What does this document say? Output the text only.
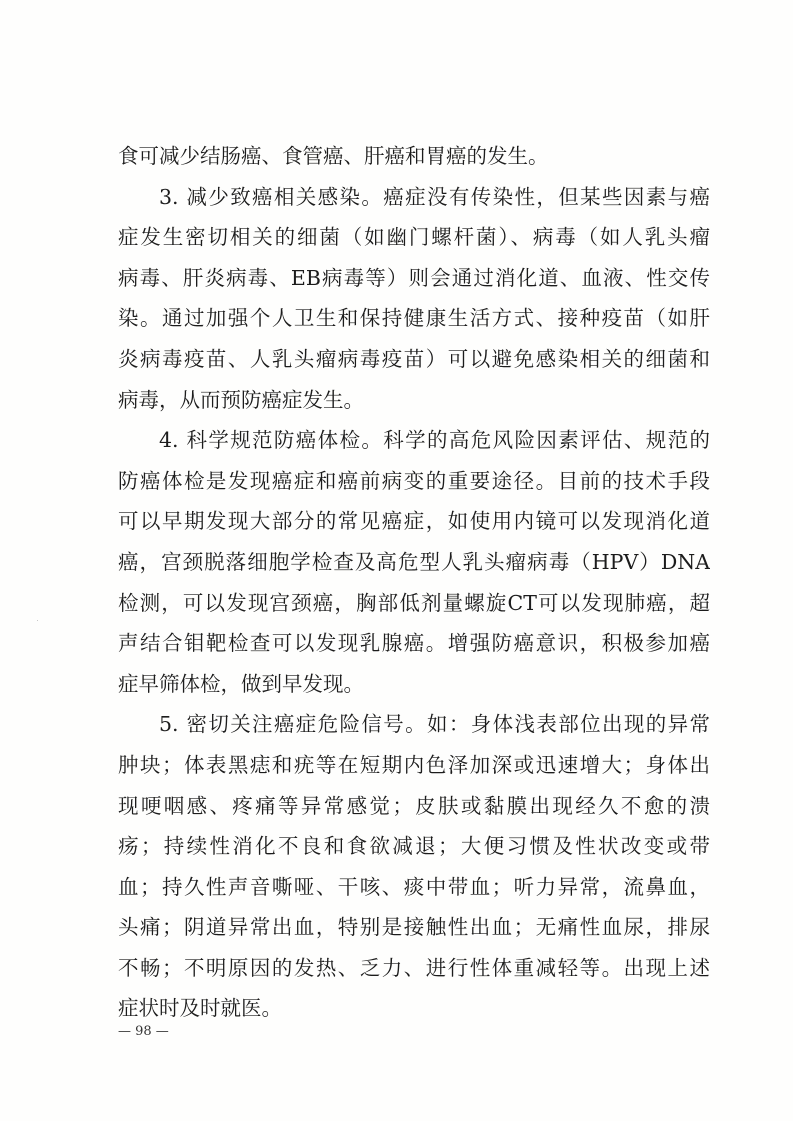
食可减少结肠癌、食管癌、肝癌和胃癌的发生。
3. 减少致癌相关感染。癌症没有传染性，但某些因素与癌
症发生密切相关的细菌（如幽门螺杆菌）、病毒（如人乳头瘤
病毒、肝炎病毒、EB病毒等）则会通过消化道、血液、性交传
染。通过加强个人卫生和保持健康生活方式、接种疫苗（如肝
炎病毒疫苗、人乳头瘤病毒疫苗）可以避免感染相关的细菌和
病毒，从而预防癌症发生。
4. 科学规范防癌体检。科学的高危风险因素评估、规范的
防癌体检是发现癌症和癌前病变的重要途径。目前的技术手段
可以早期发现大部分的常见癌症，如使用内镜可以发现消化道
癌，宫颈脱落细胞学检查及高危型人乳头瘤病毒（HPV）DNA
检测，可以发现宫颈癌，胸部低剂量螺旋CT可以发现肺癌，超
声结合钼靶检查可以发现乳腺癌。增强防癌意识，积极参加癌
症早筛体检，做到早发现。
5. 密切关注癌症危险信号。如：身体浅表部位出现的异常
肿块；体表黑痣和疣等在短期内色泽加深或迅速增大；身体出
现哽咽感、疼痛等异常感觉；皮肤或黏膜出现经久不愈的溃
疡；持续性消化不良和食欲减退；大便习惯及性状改变或带
血；持久性声音嘶哑、干咳、痰中带血；听力异常，流鼻血，
头痛；阴道异常出血，特别是接触性出血；无痛性血尿，排尿
不畅；不明原因的发热、乏力、进行性体重减轻等。出现上述
症状时及时就医。
— 98 —
